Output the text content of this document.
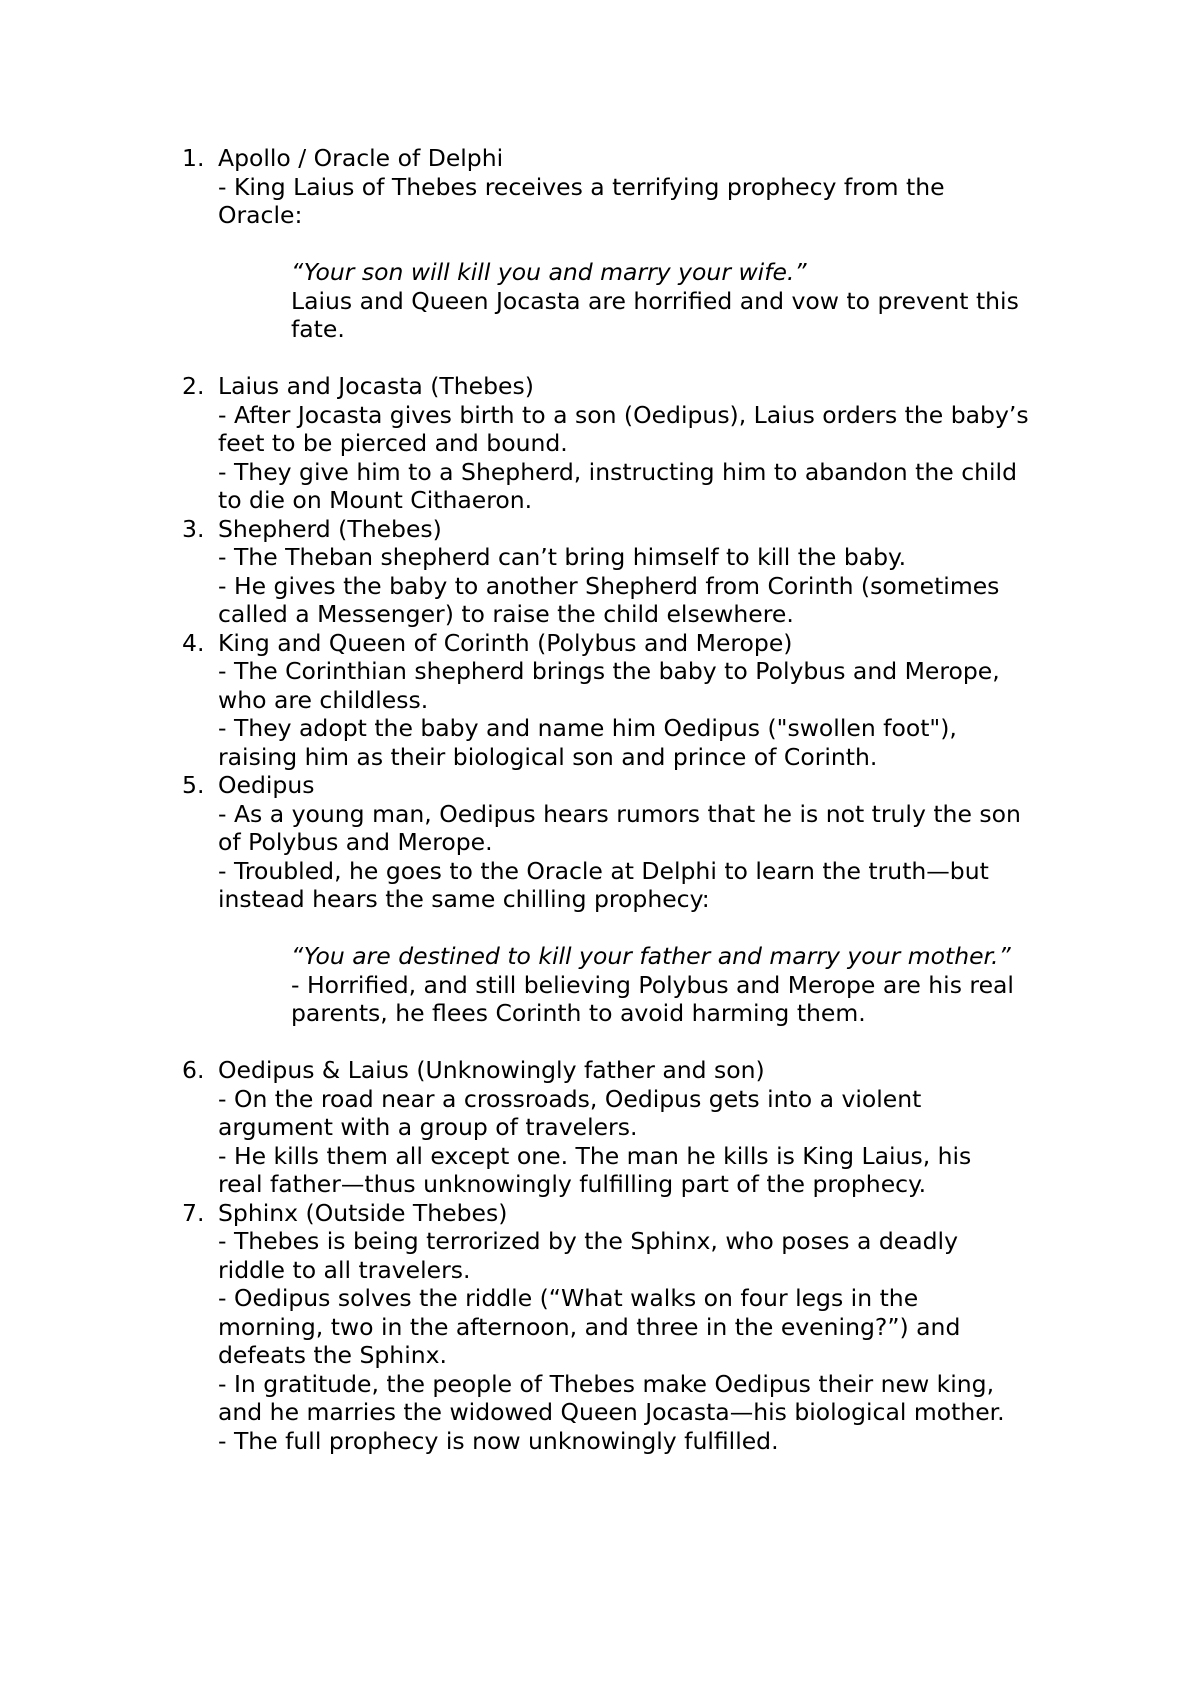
1. Apollo / Oracle of Delphi
- King Laius of Thebes receives a terrifying prophecy from the
Oracle:
“Your son will kill you and marry your wife.”
Laius and Queen Jocasta are horrified and vow to prevent this
fate.
2. Laius and Jocasta (Thebes)
- After Jocasta gives birth to a son (Oedipus), Laius orders the baby’s
feet to be pierced and bound.
- They give him to a Shepherd, instructing him to abandon the child
to die on Mount Cithaeron.
3. Shepherd (Thebes)
- The Theban shepherd can’t bring himself to kill the baby.
- He gives the baby to another Shepherd from Corinth (sometimes
called a Messenger) to raise the child elsewhere.
4. King and Queen of Corinth (Polybus and Merope)
- The Corinthian shepherd brings the baby to Polybus and Merope,
who are childless.
- They adopt the baby and name him Oedipus ("swollen foot"),
raising him as their biological son and prince of Corinth.
5. Oedipus
- As a young man, Oedipus hears rumors that he is not truly the son
of Polybus and Merope.
- Troubled, he goes to the Oracle at Delphi to learn the truth—but
instead hears the same chilling prophecy:
“You are destined to kill your father and marry your mother.”
- Horrified, and still believing Polybus and Merope are his real
parents, he flees Corinth to avoid harming them.
6. Oedipus & Laius (Unknowingly father and son)
- On the road near a crossroads, Oedipus gets into a violent
argument with a group of travelers.
- He kills them all except one. The man he kills is King Laius, his
real father—thus unknowingly fulfilling part of the prophecy.
7. Sphinx (Outside Thebes)
- Thebes is being terrorized by the Sphinx, who poses a deadly
riddle to all travelers.
- Oedipus solves the riddle (“What walks on four legs in the
morning, two in the afternoon, and three in the evening?”) and
defeats the Sphinx.
- In gratitude, the people of Thebes make Oedipus their new king,
and he marries the widowed Queen Jocasta—his biological mother.
- The full prophecy is now unknowingly fulfilled.
